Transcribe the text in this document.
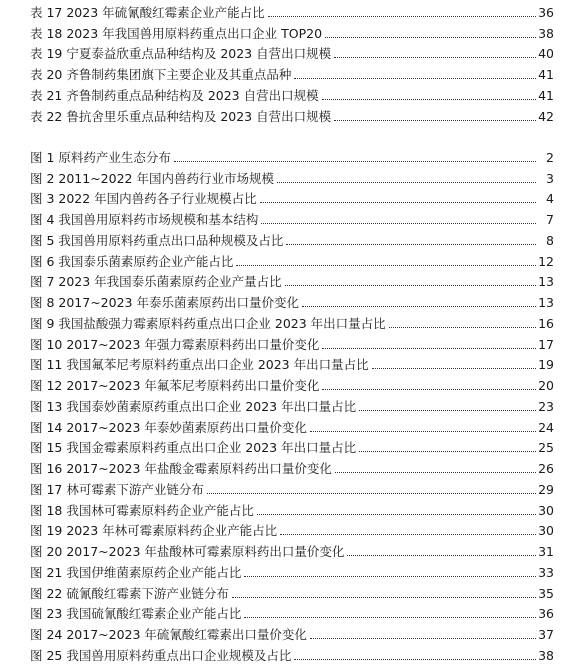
表 17 2023 年硫氰酸红霉素企业产能占比	36
表 18 2023 年我国兽用原料药重点出口企业 TOP20	38
表 19 宁夏泰益欣重点品种结构及 2023 自营出口规模	40
表 20 齐鲁制药集团旗下主要企业及其重点品种	41
表 21 齐鲁制药重点品种结构及 2023 自营出口规模	41
表 22 鲁抗舍里乐重点品种结构及 2023 自营出口规模	42
图 1 原料药产业生态分布	2
图 2 2011~2022 年国内兽药行业市场规模	3
图 3 2022 年国内兽药各子行业规模占比	4
图 4 我国兽用原料药市场规模和基本结构	7
图 5 我国兽用原料药重点出口品种规模及占比	8
图 6 我国泰乐菌素原药企业产能占比	12
图 7 2023 年我国泰乐菌素原药企业产量占比	13
图 8 2017~2023 年泰乐菌素原药出口量价变化	13
图 9 我国盐酸强力霉素原料药重点出口企业 2023 年出口量占比	16
图 10 2017~2023 年强力霉素原料药出口量价变化	17
图 11 我国氟苯尼考原料药重点出口企业 2023 年出口量占比	19
图 12 2017~2023 年氟苯尼考原料药出口量价变化	20
图 13 我国泰妙菌素原药重点出口企业 2023 年出口量占比	23
图 14 2017~2023 年泰妙菌素原药出口量价变化	24
图 15 我国金霉素原料药重点出口企业 2023 年出口量占比	25
图 16 2017~2023 年盐酸金霉素原料药出口量价变化	26
图 17 林可霉素下游产业链分布	29
图 18 我国林可霉素原料药企业产能占比	30
图 19 2023 年林可霉素原料药企业产能占比	30
图 20 2017~2023 年盐酸林可霉素原料药出口量价变化	31
图 21 我国伊维菌素原药企业产能占比	33
图 22 硫氰酸红霉素下游产业链分布	35
图 23 我国硫氰酸红霉素企业产能占比	36
图 24 2017~2023 年硫氰酸红霉素出口量价变化	37
图 25 我国兽用原料药重点出口企业规模及占比	38
